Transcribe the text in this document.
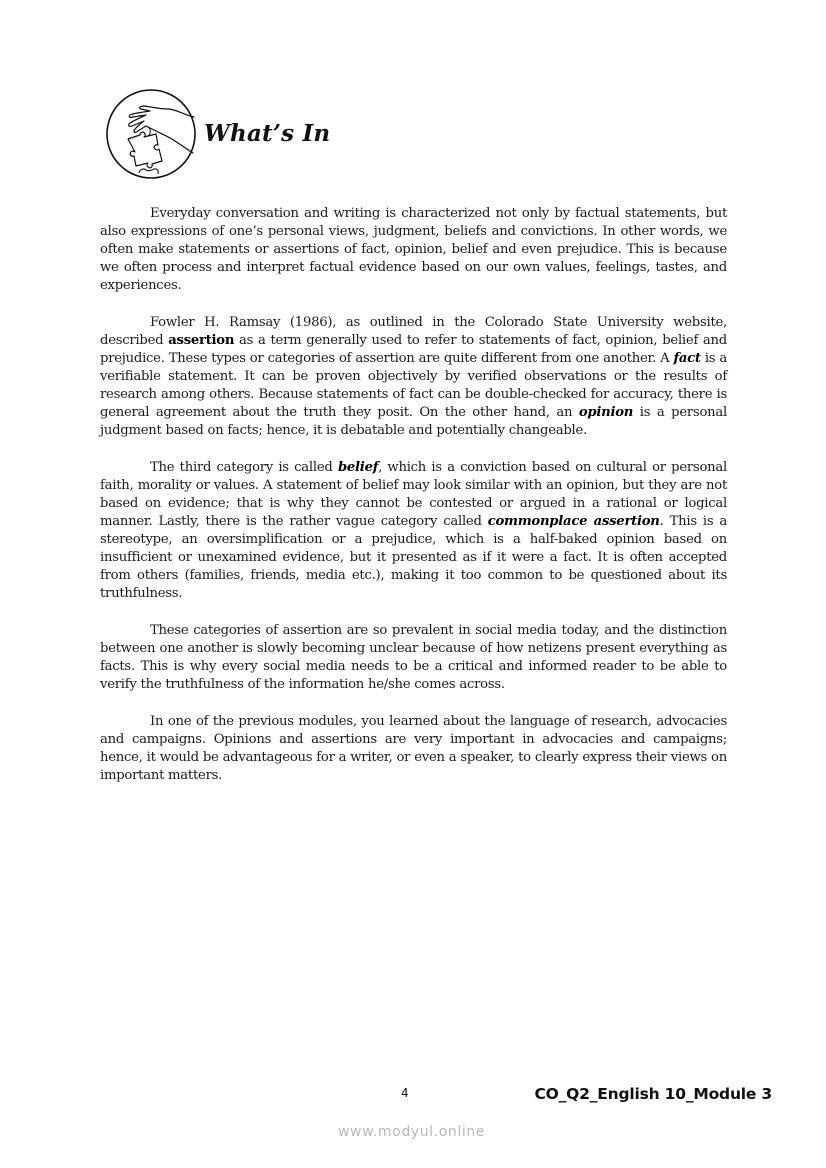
What’s In

Everyday conversation and writing is characterized not only by factual statements, but also expressions of one’s personal views, judgment, beliefs and convictions. In other words, we often make statements or assertions of fact, opinion, belief and even prejudice. This is because we often process and interpret factual evidence based on our own values, feelings, tastes, and experiences.

Fowler H. Ramsay (1986), as outlined in the Colorado State University website, described assertion as a term generally used to refer to statements of fact, opinion, belief and prejudice. These types or categories of assertion are quite different from one another. A fact is a verifiable statement. It can be proven objectively by verified observations or the results of research among others. Because statements of fact can be double-checked for accuracy, there is general agreement about the truth they posit. On the other hand, an opinion is a personal judgment based on facts; hence, it is debatable and potentially changeable.

The third category is called belief, which is a conviction based on cultural or personal faith, morality or values. A statement of belief may look similar with an opinion, but they are not based on evidence; that is why they cannot be contested or argued in a rational or logical manner. Lastly, there is the rather vague category called commonplace assertion. This is a stereotype, an oversimplification or a prejudice, which is a half-baked opinion based on insufficient or unexamined evidence, but it presented as if it were a fact. It is often accepted from others (families, friends, media etc.), making it too common to be questioned about its truthfulness.

These categories of assertion are so prevalent in social media today, and the distinction between one another is slowly becoming unclear because of how netizens present everything as facts. This is why every social media needs to be a critical and informed reader to be able to verify the truthfulness of the information he/she comes across.

In one of the previous modules, you learned about the language of research, advocacies and campaigns. Opinions and assertions are very important in advocacies and campaigns; hence, it would be advantageous for a writer, or even a speaker, to clearly express their views on important matters.

4	CO_Q2_English 10_Module 3
www.modyul.online
